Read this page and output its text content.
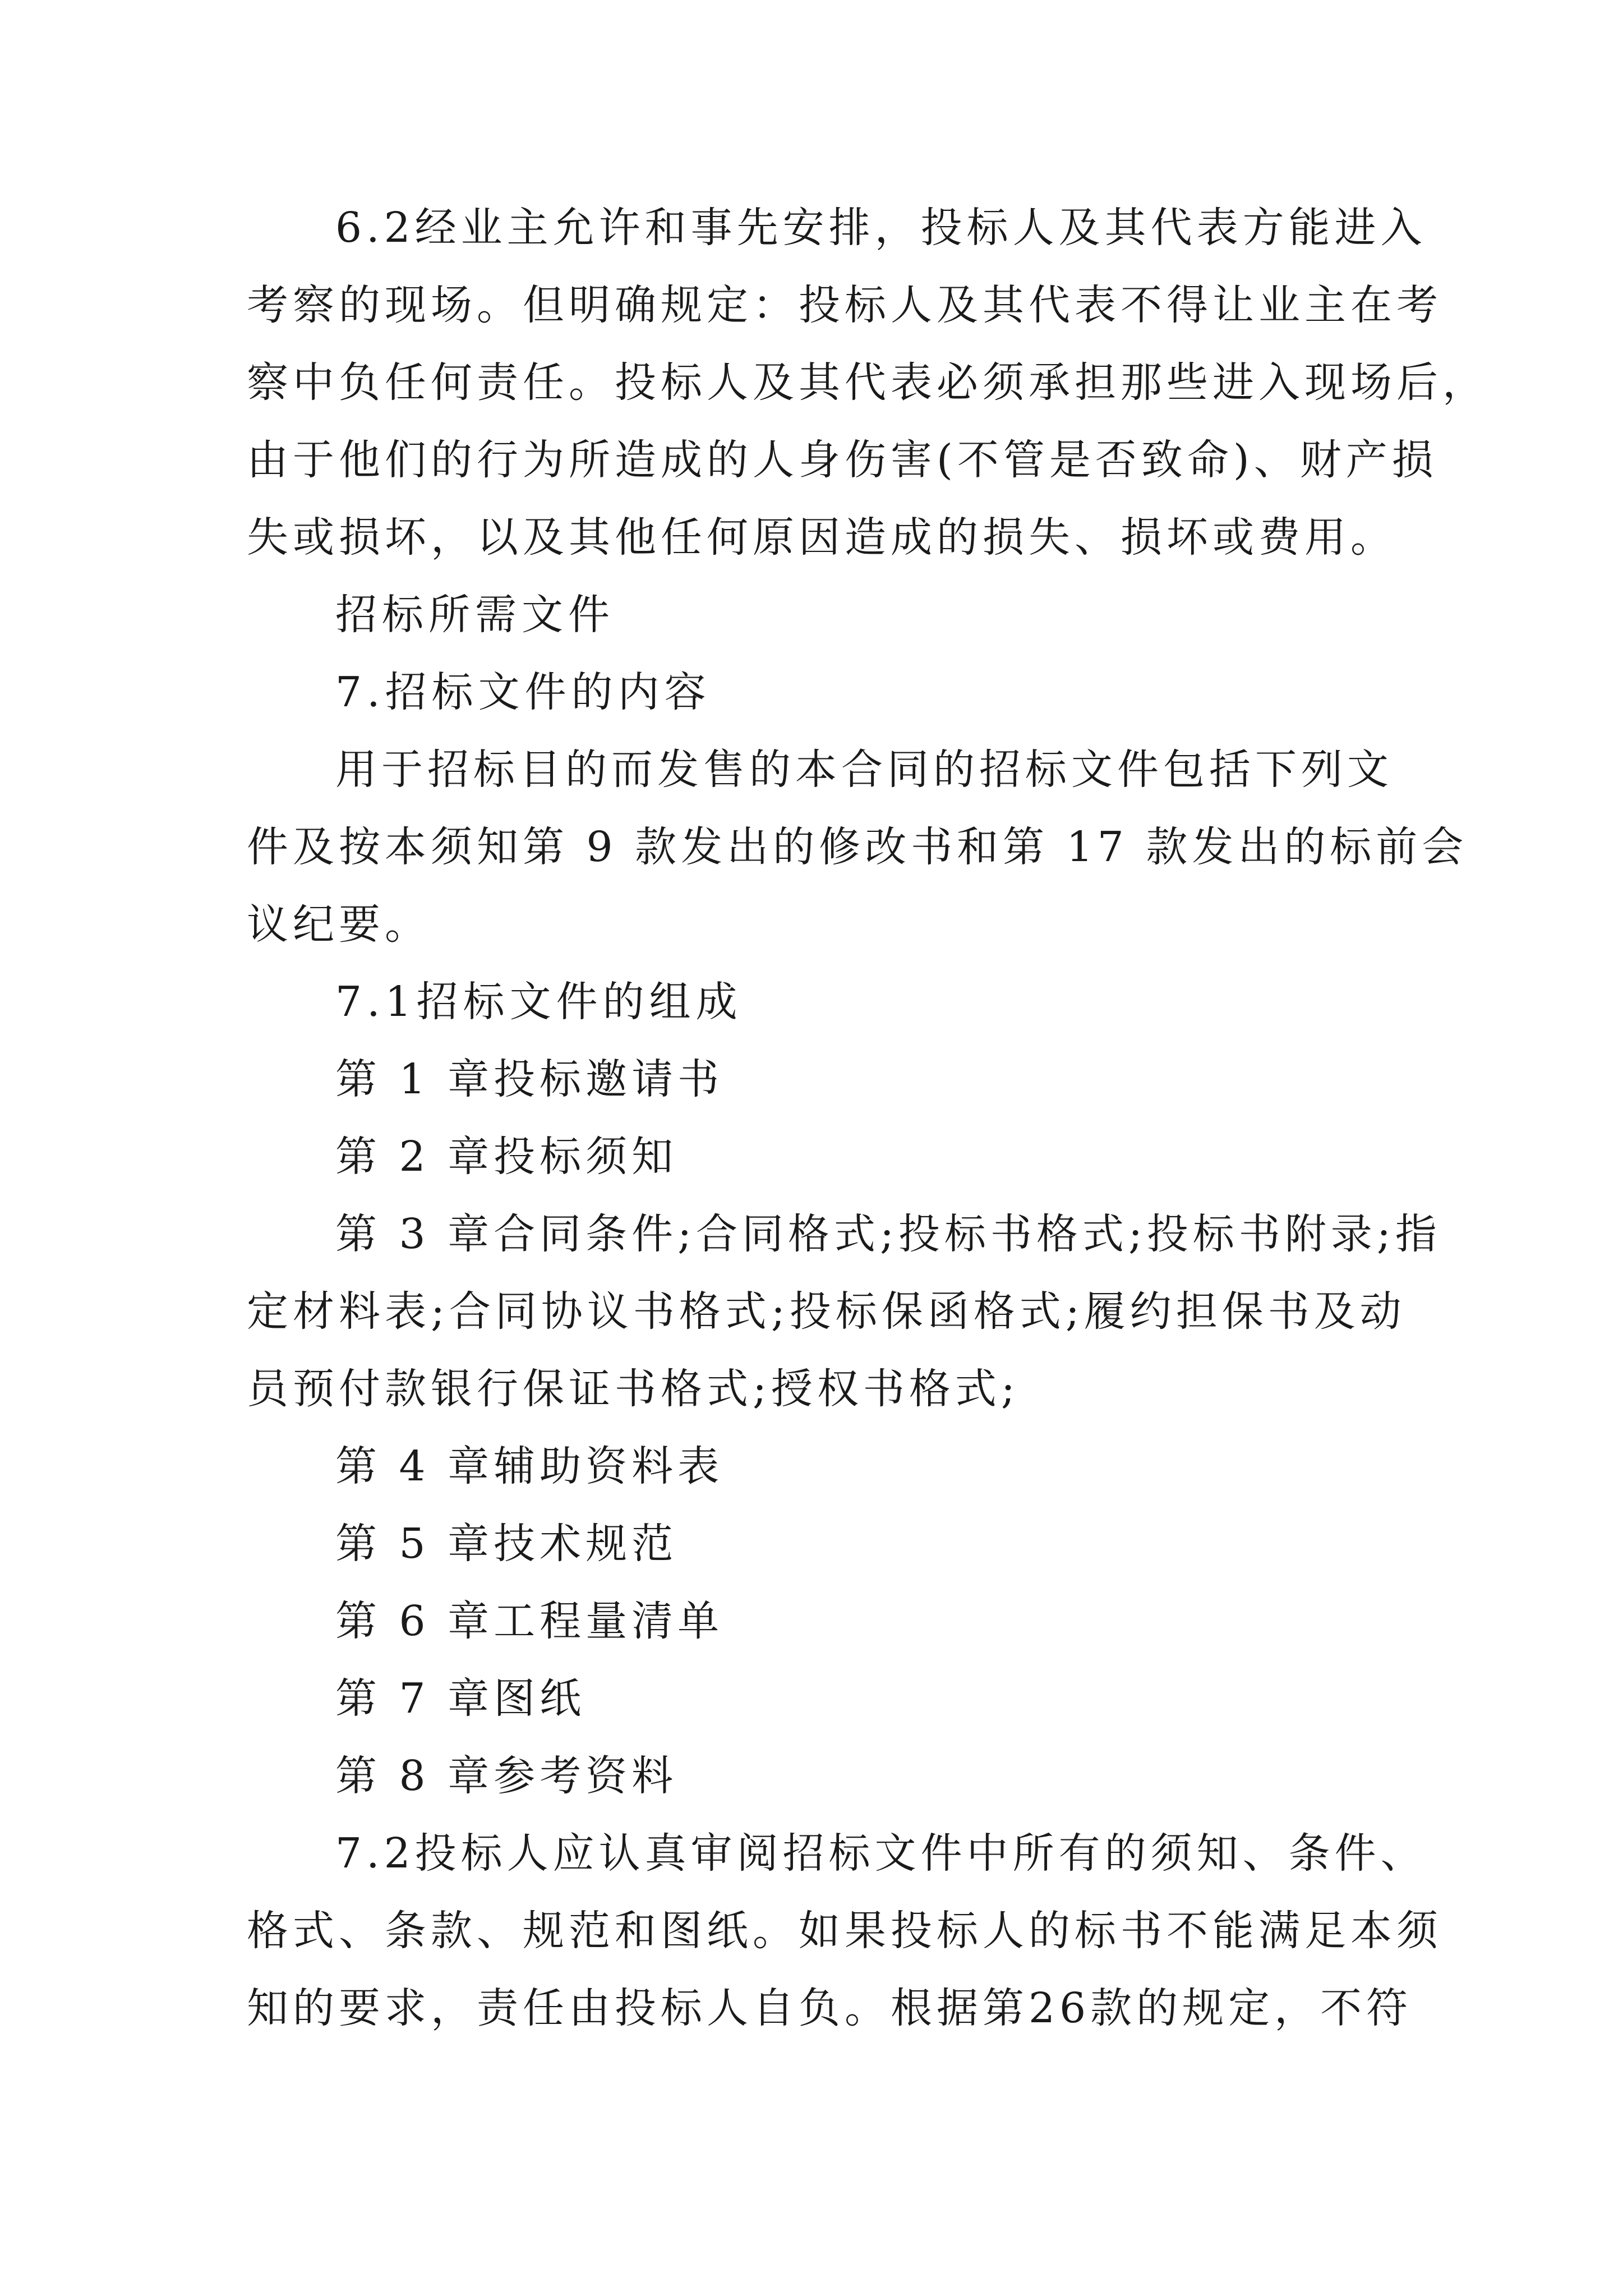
6.2经业主允许和事先安排，投标人及其代表方能进入

考察的现场。但明确规定：投标人及其代表不得让业主在考

察中负任何责任。投标人及其代表必须承担那些进入现场后，

由于他们的行为所造成的人身伤害(不管是否致命)、财产损

失或损坏，以及其他任何原因造成的损失、损坏或费用。

招标所需文件

7.招标文件的内容

用于招标目的而发售的本合同的招标文件包括下列文

件及按本须知第 9 款发出的修改书和第 17 款发出的标前会

议纪要。

7.1招标文件的组成

第 1 章投标邀请书

第 2 章投标须知

第 3 章合同条件;合同格式;投标书格式;投标书附录;指

定材料表;合同协议书格式;投标保函格式;履约担保书及动

员预付款银行保证书格式;授权书格式;

第 4 章辅助资料表

第 5 章技术规范

第 6 章工程量清单

第 7 章图纸

第 8 章参考资料

7.2投标人应认真审阅招标文件中所有的须知、条件、

格式、条款、规范和图纸。如果投标人的标书不能满足本须

知的要求，责任由投标人自负。根据第26款的规定，不符
